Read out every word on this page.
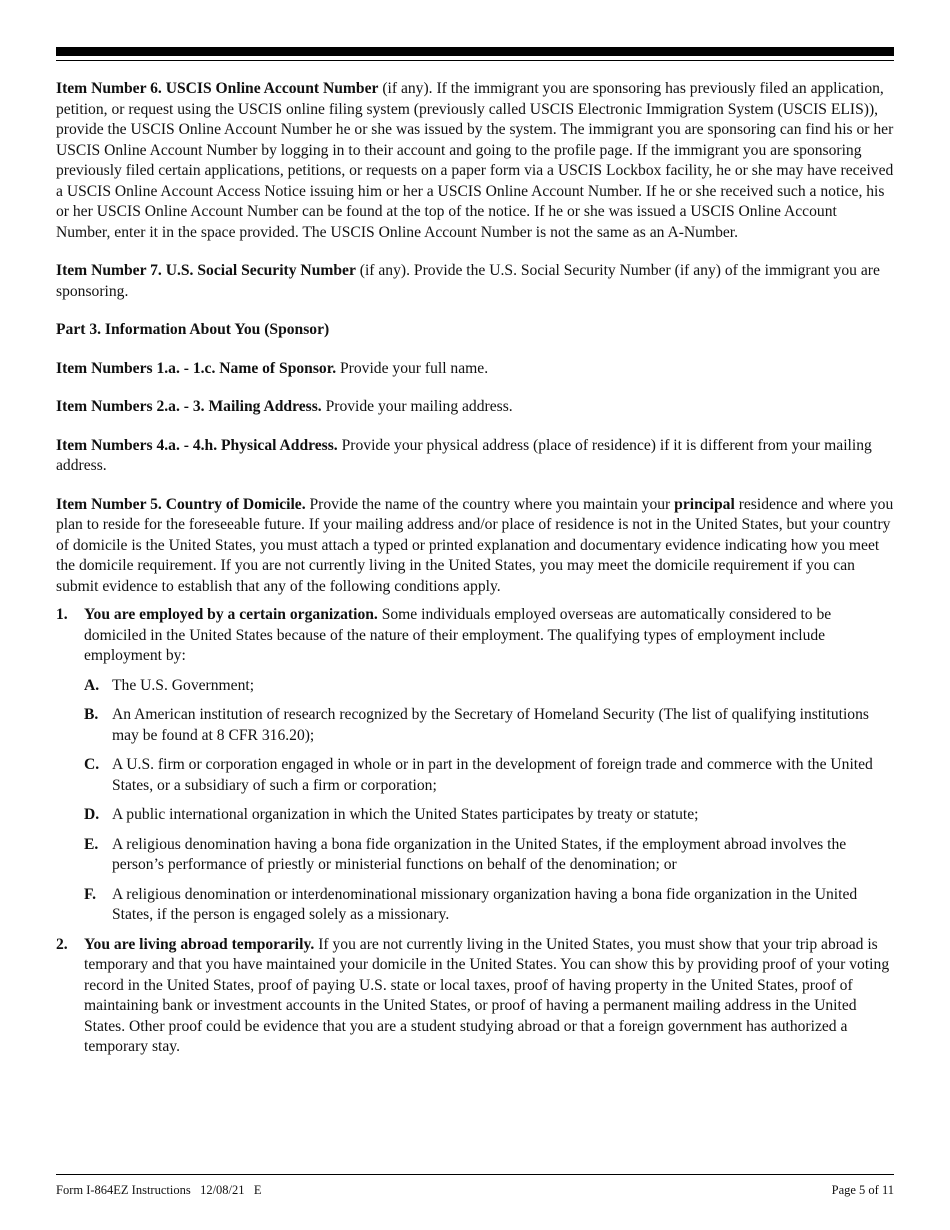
Item Number 6. USCIS Online Account Number (if any). If the immigrant you are sponsoring has previously filed an application, petition, or request using the USCIS online filing system (previously called USCIS Electronic Immigration System (USCIS ELIS)), provide the USCIS Online Account Number he or she was issued by the system. The immigrant you are sponsoring can find his or her USCIS Online Account Number by logging in to their account and going to the profile page. If the immigrant you are sponsoring previously filed certain applications, petitions, or requests on a paper form via a USCIS Lockbox facility, he or she may have received a USCIS Online Account Access Notice issuing him or her a USCIS Online Account Number. If he or she received such a notice, his or her USCIS Online Account Number can be found at the top of the notice. If he or she was issued a USCIS Online Account Number, enter it in the space provided. The USCIS Online Account Number is not the same as an A-Number.

Item Number 7. U.S. Social Security Number (if any). Provide the U.S. Social Security Number (if any) of the immigrant you are sponsoring.

Part 3. Information About You (Sponsor)

Item Numbers 1.a. - 1.c. Name of Sponsor. Provide your full name.

Item Numbers 2.a. - 3. Mailing Address. Provide your mailing address.

Item Numbers 4.a. - 4.h. Physical Address. Provide your physical address (place of residence) if it is different from your mailing address.

Item Number 5. Country of Domicile. Provide the name of the country where you maintain your principal residence and where you plan to reside for the foreseeable future. If your mailing address and/or place of residence is not in the United States, but your country of domicile is the United States, you must attach a typed or printed explanation and documentary evidence indicating how you meet the domicile requirement. If you are not currently living in the United States, you may meet the domicile requirement if you can submit evidence to establish that any of the following conditions apply.

1.	You are employed by a certain organization. Some individuals employed overseas are automatically considered to be domiciled in the United States because of the nature of their employment. The qualifying types of employment include employment by:
A. The U.S. Government;
B. An American institution of research recognized by the Secretary of Homeland Security (The list of qualifying institutions may be found at 8 CFR 316.20);
C. A U.S. firm or corporation engaged in whole or in part in the development of foreign trade and commerce with the United States, or a subsidiary of such a firm or corporation;
D. A public international organization in which the United States participates by treaty or statute;
E. A religious denomination having a bona fide organization in the United States, if the employment abroad involves the person’s performance of priestly or ministerial functions on behalf of the denomination; or
F.	A religious denomination or interdenominational missionary organization having a bona fide organization in the United States, if the person is engaged solely as a missionary.
2.	You are living abroad temporarily. If you are not currently living in the United States, you must show that your trip abroad is temporary and that you have maintained your domicile in the United States. You can show this by providing proof of your voting record in the United States, proof of paying U.S. state or local taxes, proof of having property in the United States, proof of maintaining bank or investment accounts in the United States, or proof of having a permanent mailing address in the United States. Other proof could be evidence that you are a student studying abroad or that a foreign government has authorized a temporary stay.
Form I-864EZ Instructions   12/08/21   E	Page 5 of 11
